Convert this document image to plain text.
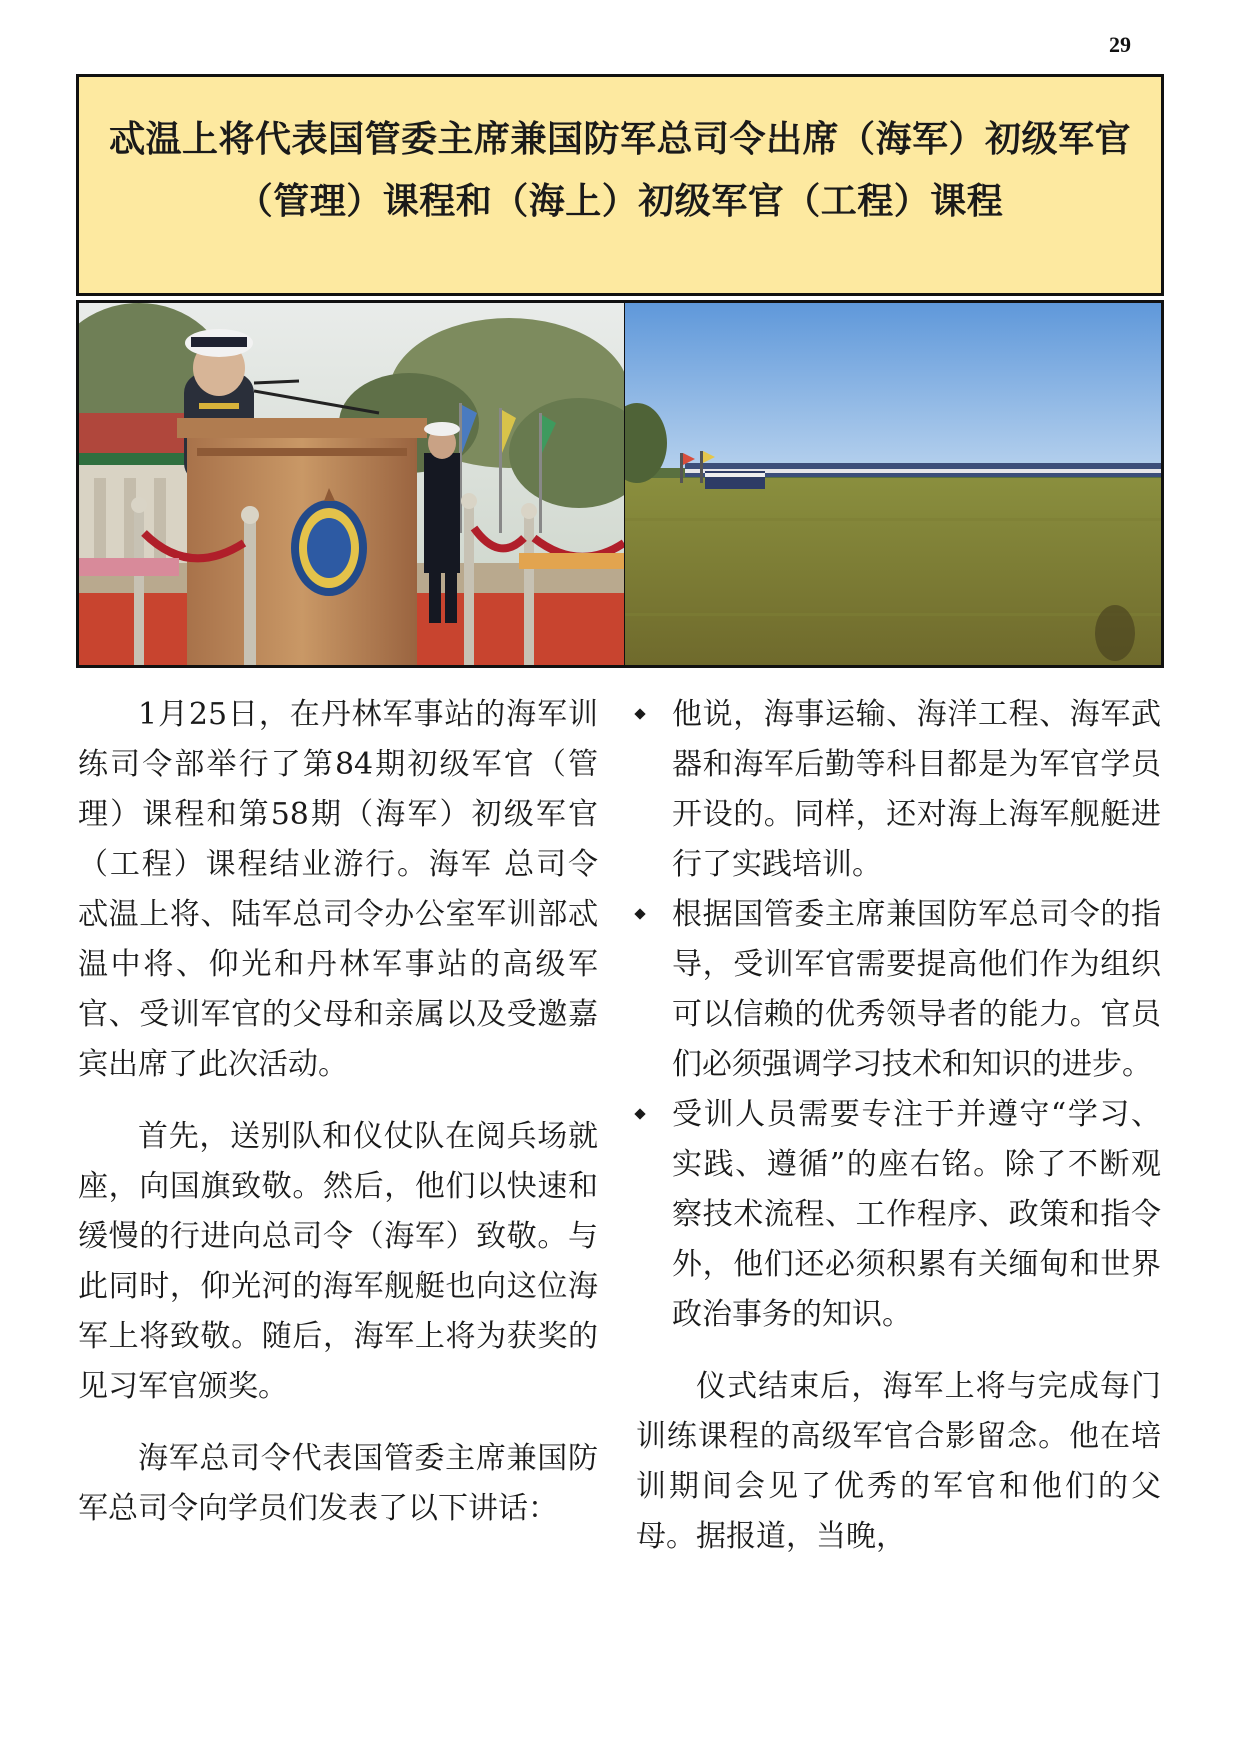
29
忒温上将代表国管委主席兼国防军总司令出席（海军）初级军官
（管理）课程和（海上）初级军官（工程）课程

1月25日，在丹林军事站的海军训练司令部举行了第84期初级军官（管理）课程和第58期（海军）初级军官（工程）课程结业游行。海军 总司令 忒温上将、陆军总司令办公室军训部忒温中将、仰光和丹林军事站的高级军官、受训军官的父母和亲属以及受邀嘉宾出席了此次活动。

首先，送别队和仪仗队在阅兵场就座，向国旗致敬。然后，他们以快速和缓慢的行进向总司令（海军）致敬。与此同时，仰光河的海军舰艇也向这位海军上将致敬。随后，海军上将为获奖的见习军官颁奖。

海军总司令代表国管委主席兼国防军总司令向学员们发表了以下讲话：

他说，海事运输、海洋工程、海军武器和海军后勤等科目都是为军官学员开设的。同样，还对海上海军舰艇进行了实践培训。
根据国管委主席兼国防军总司令的指导，受训军官需要提高他们作为组织可以信赖的优秀领导者的能力。官员们必须强调学习技术和知识的进步。
受训人员需要专注于并遵守“学习、实践、遵循”的座右铭。除了不断观察技术流程、工作程序、政策和指令外，他们还必须积累有关缅甸和世界政治事务的知识。

仪式结束后，海军上将与完成每门训练课程的高级军官合影留念。他在培训期间会见了优秀的军官和他们的父母。据报道，当晚，
